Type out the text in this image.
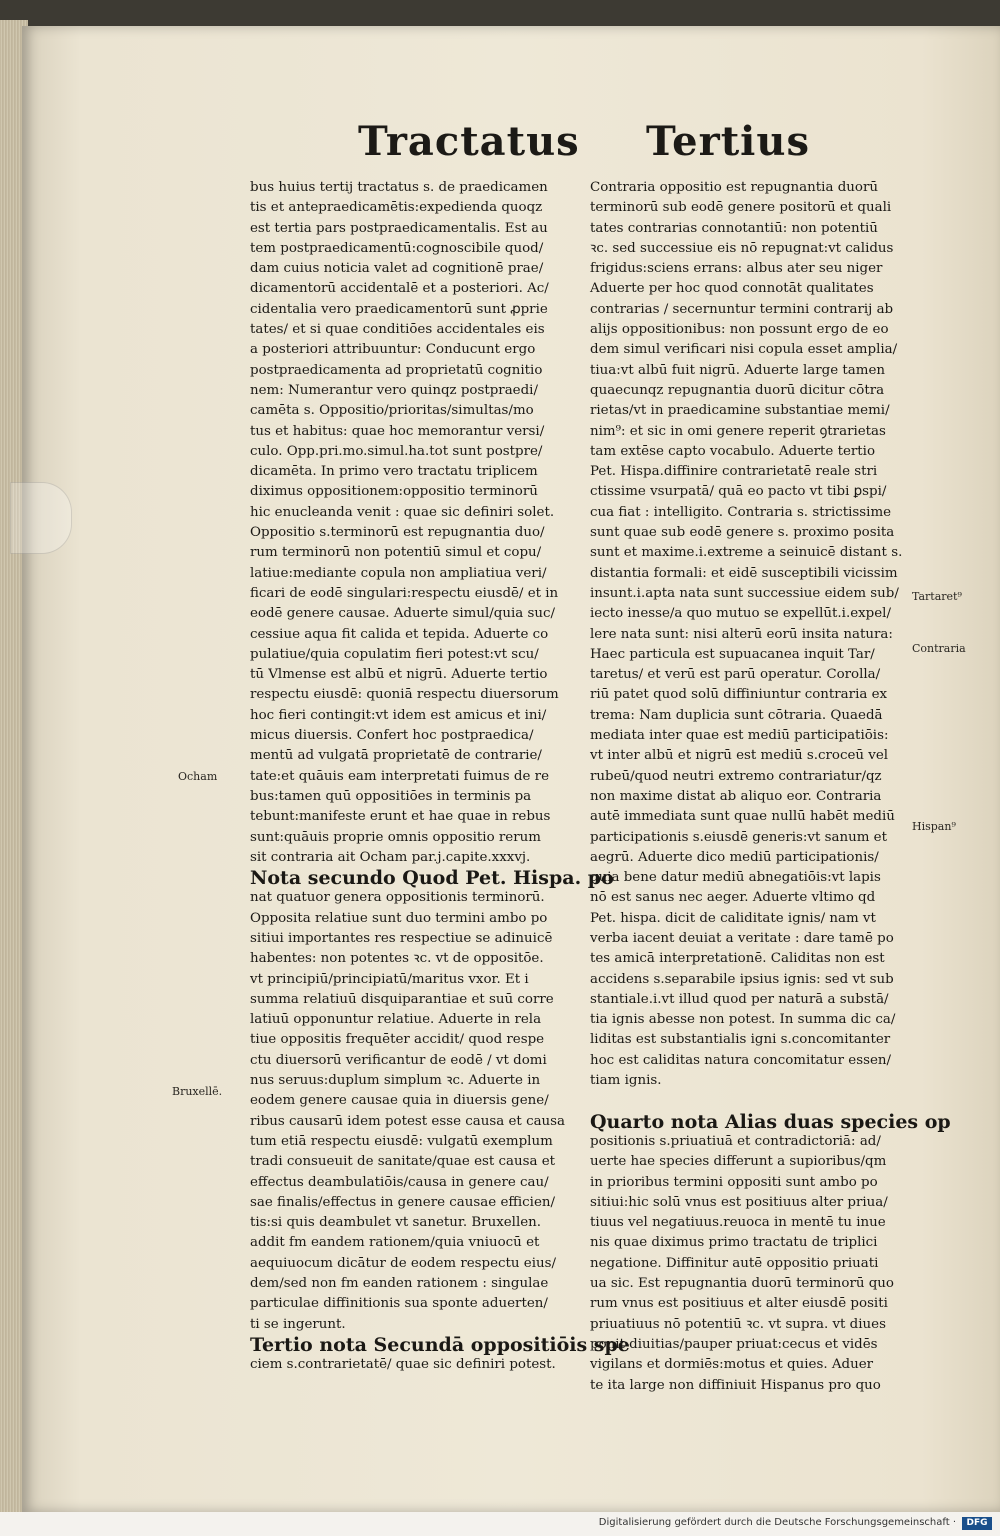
Tractatus Tertius
bus huius tertij tractatus s. de praedicamen
tis et antepraedicamētis:expedienda quoqz
est tertia pars postpraedicamentalis. Est au
tem postpraedicamentū:cognoscibile quod/
dam cuius noticia valet ad cognitionē prae/
dicamentorū accidentalē et a posteriori. Ac/
cidentalia vero praedicamentorū sunt ꝓprie
tates/ et si quae conditiōes accidentales eis
a posteriori attribuuntur: Conducunt ergo
postpraedicamenta ad proprietatū cognitio
nem: Numerantur vero quinqz postpraedi/
camēta s. Oppositio/prioritas/simultas/mo
tus et habitus: quae hoc memorantur versi/
culo. Opp.pri.mo.simul.ha.tot sunt postpre/
dicamēta. In primo vero tractatu triplicem
diximus oppositionem:oppositio terminorū
hic enucleanda venit : quae sic definiri solet.
Oppositio s.terminorū est repugnantia duo/
rum terminorū non potentiū simul et copu/
latiue:mediante copula non ampliatiua veri/
ficari de eodē singulari:respectu eiusdē/ et in
eodē genere causae. Aduerte simul/quia suc/
cessiue aqua fit calida et tepida. Aduerte co
pulatiue/quia copulatim fieri potest:vt scu/
tū Vlmense est albū et nigrū. Aduerte tertio
respectu eiusdē: quoniā respectu diuersorum
hoc fieri contingit:vt idem est amicus et ini/
micus diuersis. Confert hoc postpraedica/
mentū ad vulgatā proprietatē de contrarie/
tate:et quāuis eam interpretati fuimus de re
bus:tamen quū oppositiōes in terminis pa
tebunt:manifeste erunt et hae quae in rebus
sunt:quāuis proprie omnis oppositio rerum
sit contraria ait Ocham par.j.capite.xxxvj.
Nota secundo Quod Pet. Hispa. po
nat quatuor genera oppositionis terminorū.
Opposita relatiue sunt duo termini ambo po
sitiui importantes res respectiue se adinuicē
habentes: non potentes ꝛc. vt de oppositōe.
vt principiū/principiatū/maritus vxor. Et i
summa relatiuū disquiparantiae et suū corre
latiuū opponuntur relatiue. Aduerte in rela
tiue oppositis frequēter accidit/ quod respe
ctu diuersorū verificantur de eodē / vt domi
nus seruus:duplum simplum ꝛc. Aduerte in
eodem genere causae quia in diuersis gene/
ribus causarū idem potest esse causa et causa
tum etiā respectu eiusdē: vulgatū exemplum
tradi consueuit de sanitate/quae est causa et
effectus deambulatiōis/causa in genere cau/
sae finalis/effectus in genere causae efficien/
tis:si quis deambulet vt sanetur. Bruxellen.
addit fm eandem rationem/quia vniuocū et
aequiuocum dicātur de eodem respectu eius/
dem/sed non fm eanden rationem : singulae
particulae diffinitionis sua sponte aduerten/
ti se ingerunt.
Tertio nota Secundā oppositiōis spe
ciem s.contrarietatē/ quae sic definiri potest.
Contraria oppositio est repugnantia duorū
terminorū sub eodē genere positorū et quali
tates contrarias connotantiū: non potentiū
ꝛc. sed successiue eis nō repugnat:vt calidus
frigidus:sciens errans: albus ater seu niger
Aduerte per hoc quod connotāt qualitates
contrarias / secernuntur termini contrarij ab
alijs oppositionibus: non possunt ergo de eo
dem simul verificari nisi copula esset amplia/
tiua:vt albū fuit nigrū. Aduerte large tamen
quaecunqz repugnantia duorū dicitur cōtra
rietas/vt in praedicamine substantiae memi/
nim⁹: et sic in omi genere reperit ꝯtrarietas
tam extēse capto vocabulo. Aduerte tertio
Pet. Hispa.diffinire contrarietatē reale stri
ctissime vsurpatā/ quā eo pacto vt tibi ꝑspi/
cua fiat : intelligito. Contraria s. strictissime
sunt quae sub eodē genere s. proximo posita
sunt et maxime.i.extreme a seinuicē distant s.
distantia formali: et eidē susceptibili vicissim
insunt.i.apta nata sunt successiue eidem sub/
iecto inesse/a quo mutuo se expellūt.i.expel/
lere nata sunt: nisi alterū eorū insita natura:
Haec particula est supuacanea inquit Tar/
taretus/ et verū est parū operatur. Corolla/
riū patet quod solū diffiniuntur contraria ex
trema: Nam duplicia sunt cōtraria. Quaedā
mediata inter quae est mediū participatiōis:
vt inter albū et nigrū est mediū s.croceū vel
rubeū/quod neutri extremo contrariatur/qz
non maxime distat ab aliquo eor. Contraria
autē immediata sunt quae nullū habēt mediū
participationis s.eiusdē generis:vt sanum et
aegrū. Aduerte dico mediū participationis/
quia bene datur mediū abnegatiōis:vt lapis
nō est sanus nec aeger. Aduerte vltimo qd
Pet. hispa. dicit de caliditate ignis/ nam vt
verba iacent deuiat a veritate : dare tamē po
tes amicā interpretationē. Caliditas non est
accidens s.separabile ipsius ignis: sed vt sub
stantiale.i.vt illud quod per naturā a substā/
tia ignis abesse non potest. In summa dic ca/
liditas est substantialis igni s.concomitanter
hoc est caliditas natura concomitatur essen/
tiam ignis.

Quarto nota Alias duas species op
positionis s.priuatiuā et contradictoriā: ad/
uerte hae species differunt a supioribus/qm
in prioribus termini oppositi sunt ambo po
sitiui:hic solū vnus est positiuus alter priua/
tiuus vel negatiuus.reuoca in mentē tu inue
nis quae diximus primo tractatu de triplici
negatione. Diffinitur autē oppositio priuati
ua sic. Est repugnantia duorū terminorū quo
rum vnus est positiuus et alter eiusdē positi
priuatiuus nō potentiū ꝛc. vt supra. vt diues
ponit diuitias/pauper priuat:cecus et vidēs
vigilans et dormiēs:motus et quies. Aduer
te ita large non diffiniuit Hispanus pro quo
Ocham
Bruxellē.
Tartaret⁹
Contraria
Hispan⁹
Digitalisierung gefördert durch die Deutsche Forschungsgemeinschaft ·	DFG
